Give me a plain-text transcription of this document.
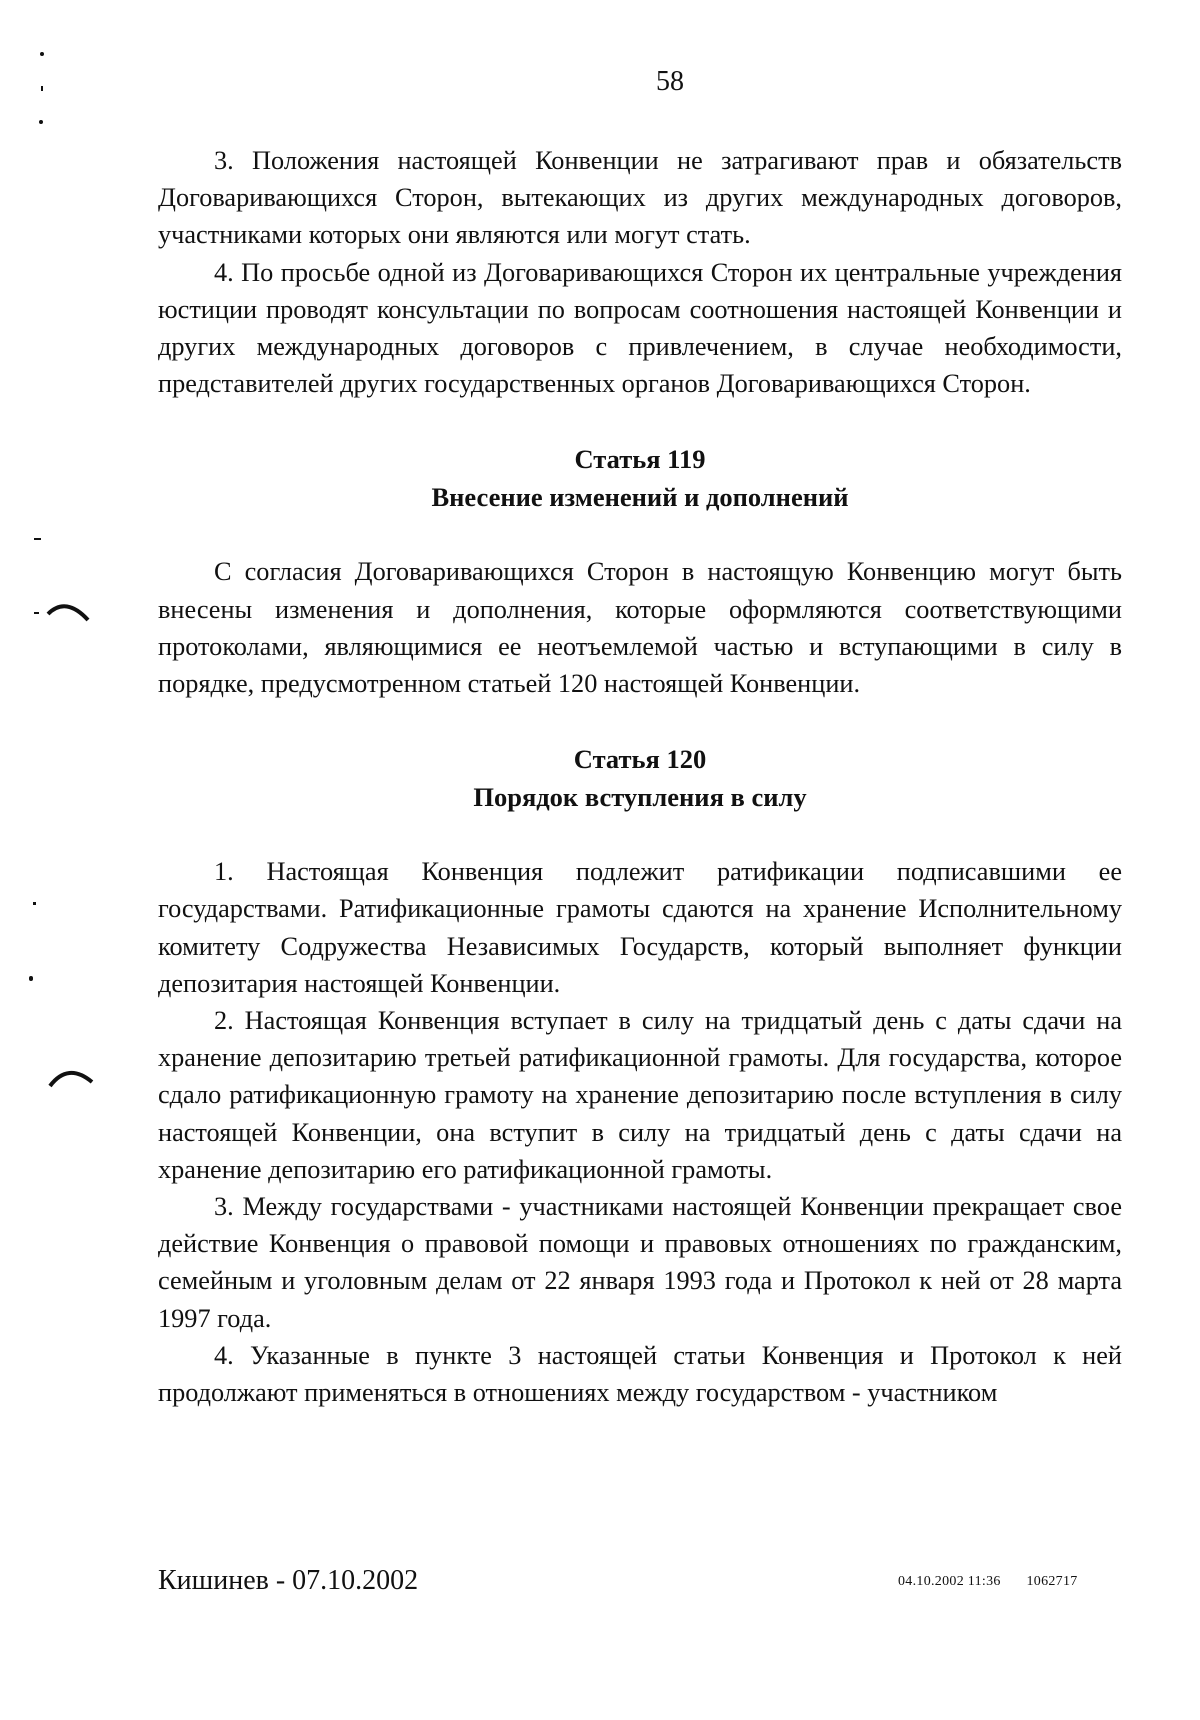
58

3. Положения настоящей Конвенции не затрагивают прав и обязательств Договаривающихся Сторон, вытекающих из других международных договоров, участниками которых они являются или могут стать.

4. По просьбе одной из Договаривающихся Сторон их центральные учреждения юстиции проводят консультации по вопросам соотношения настоящей Конвенции и других международных договоров с привлечением, в случае необходимости, представителей других государственных органов Договаривающихся Сторон.

Статья 119
Внесение изменений и дополнений

С согласия Договаривающихся Сторон в настоящую Конвенцию могут быть внесены изменения и дополнения, которые оформляются соответствующими протоколами, являющимися ее неотъемлемой частью и вступающими в силу в порядке, предусмотренном статьей 120 настоящей Конвенции.

Статья 120
Порядок вступления в силу

1. Настоящая Конвенция подлежит ратификации подписавшими ее государствами. Ратификационные грамоты сдаются на хранение Исполнительному комитету Содружества Независимых Государств, который выполняет функции депозитария настоящей Конвенции.

2. Настоящая Конвенция вступает в силу на тридцатый день с даты сдачи на хранение депозитарию третьей ратификационной грамоты. Для государства, которое сдало ратификационную грамоту на хранение депозитарию после вступления в силу настоящей Конвенции, она вступит в силу на тридцатый день с даты сдачи на хранение депозитарию его ратификационной грамоты.

3. Между государствами - участниками настоящей Конвенции прекращает свое действие Конвенция о правовой помощи и правовых отношениях по гражданским, семейным и уголовным делам от 22 января 1993 года и Протокол к ней от 28 марта 1997 года.

4. Указанные в пункте 3 настоящей статьи Конвенция и Протокол к ней продолжают применяться в отношениях между государством - участником

Кишинев - 07.10.2002	04.10.2002 11:36 1062717
